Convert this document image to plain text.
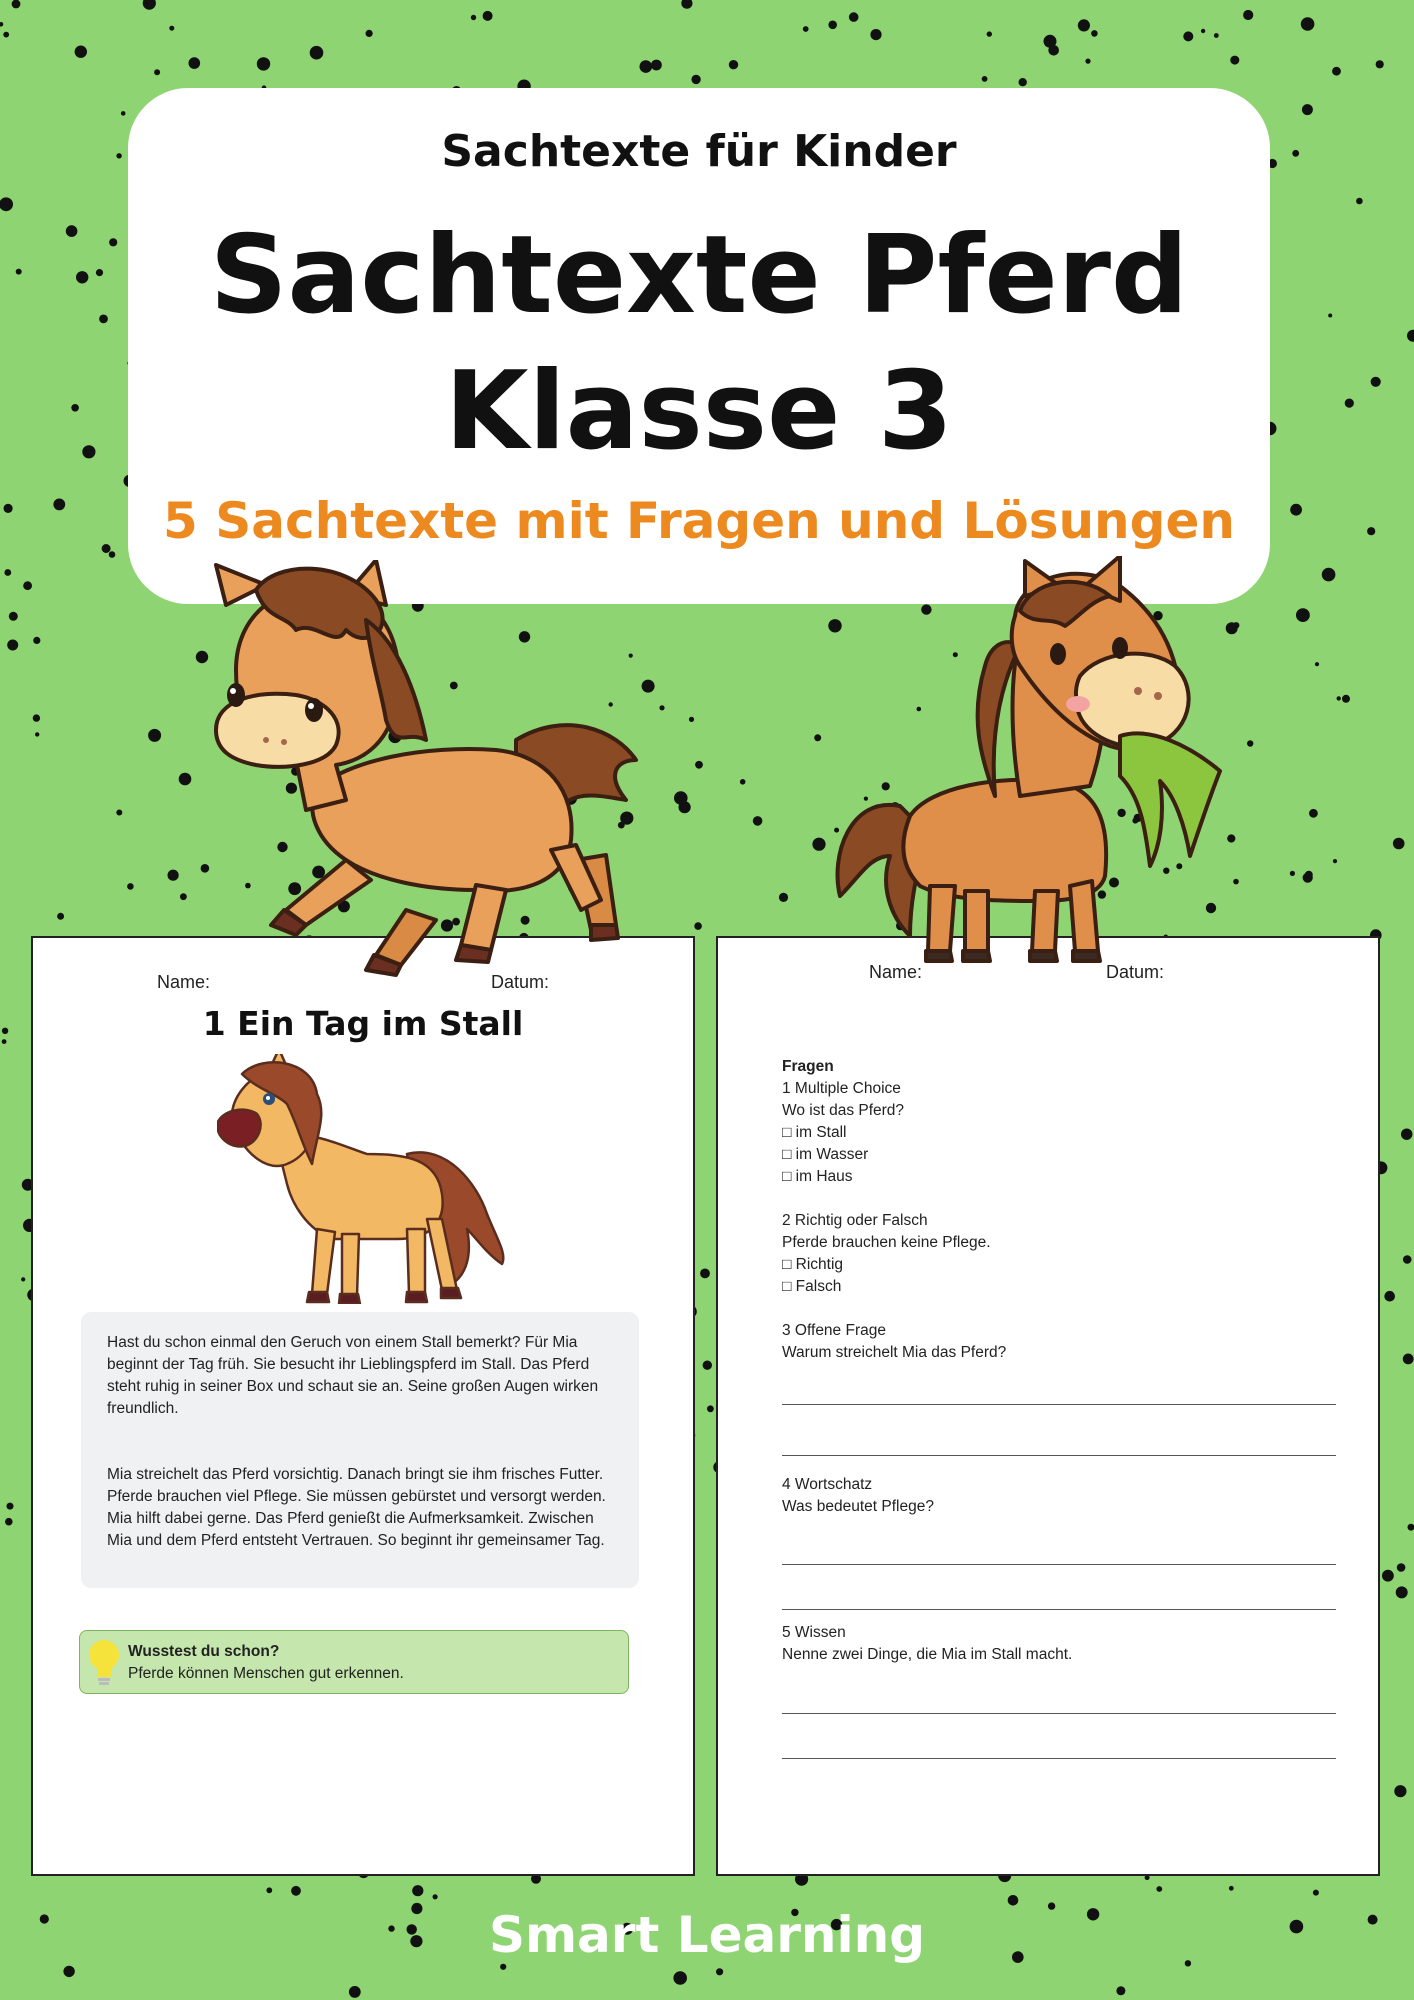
Sachtexte für Kinder
Sachtexte Pferd
Klasse 3
5 Sachtexte mit Fragen und Lösungen
Name:	Datum:
1 Ein Tag im Stall

Hast du schon einmal den Geruch von einem Stall bemerkt? Für Mia beginnt der Tag früh. Sie besucht ihr Lieblingspferd im Stall. Das Pferd steht ruhig in seiner Box und schaut sie an. Seine großen Augen wirken freundlich.

Mia streichelt das Pferd vorsichtig. Danach bringt sie ihm frisches Futter. Pferde brauchen viel Pflege. Sie müssen gebürstet und versorgt werden. Mia hilft dabei gerne. Das Pferd genießt die Aufmerksamkeit. Zwischen Mia und dem Pferd entsteht Vertrauen. So beginnt ihr gemeinsamer Tag.

Wusstest du schon?
Pferde können Menschen gut erkennen.
Name:	Datum:
Fragen
1 Multiple Choice
Wo ist das Pferd?
□ im Stall
□ im Wasser
□ im Haus
2 Richtig oder Falsch
Pferde brauchen keine Pflege.
□ Richtig
□ Falsch
3 Offene Frage
Warum streichelt Mia das Pferd?
4 Wortschatz
Was bedeutet Pflege?
5 Wissen
Nenne zwei Dinge, die Mia im Stall macht.
Smart Learning
